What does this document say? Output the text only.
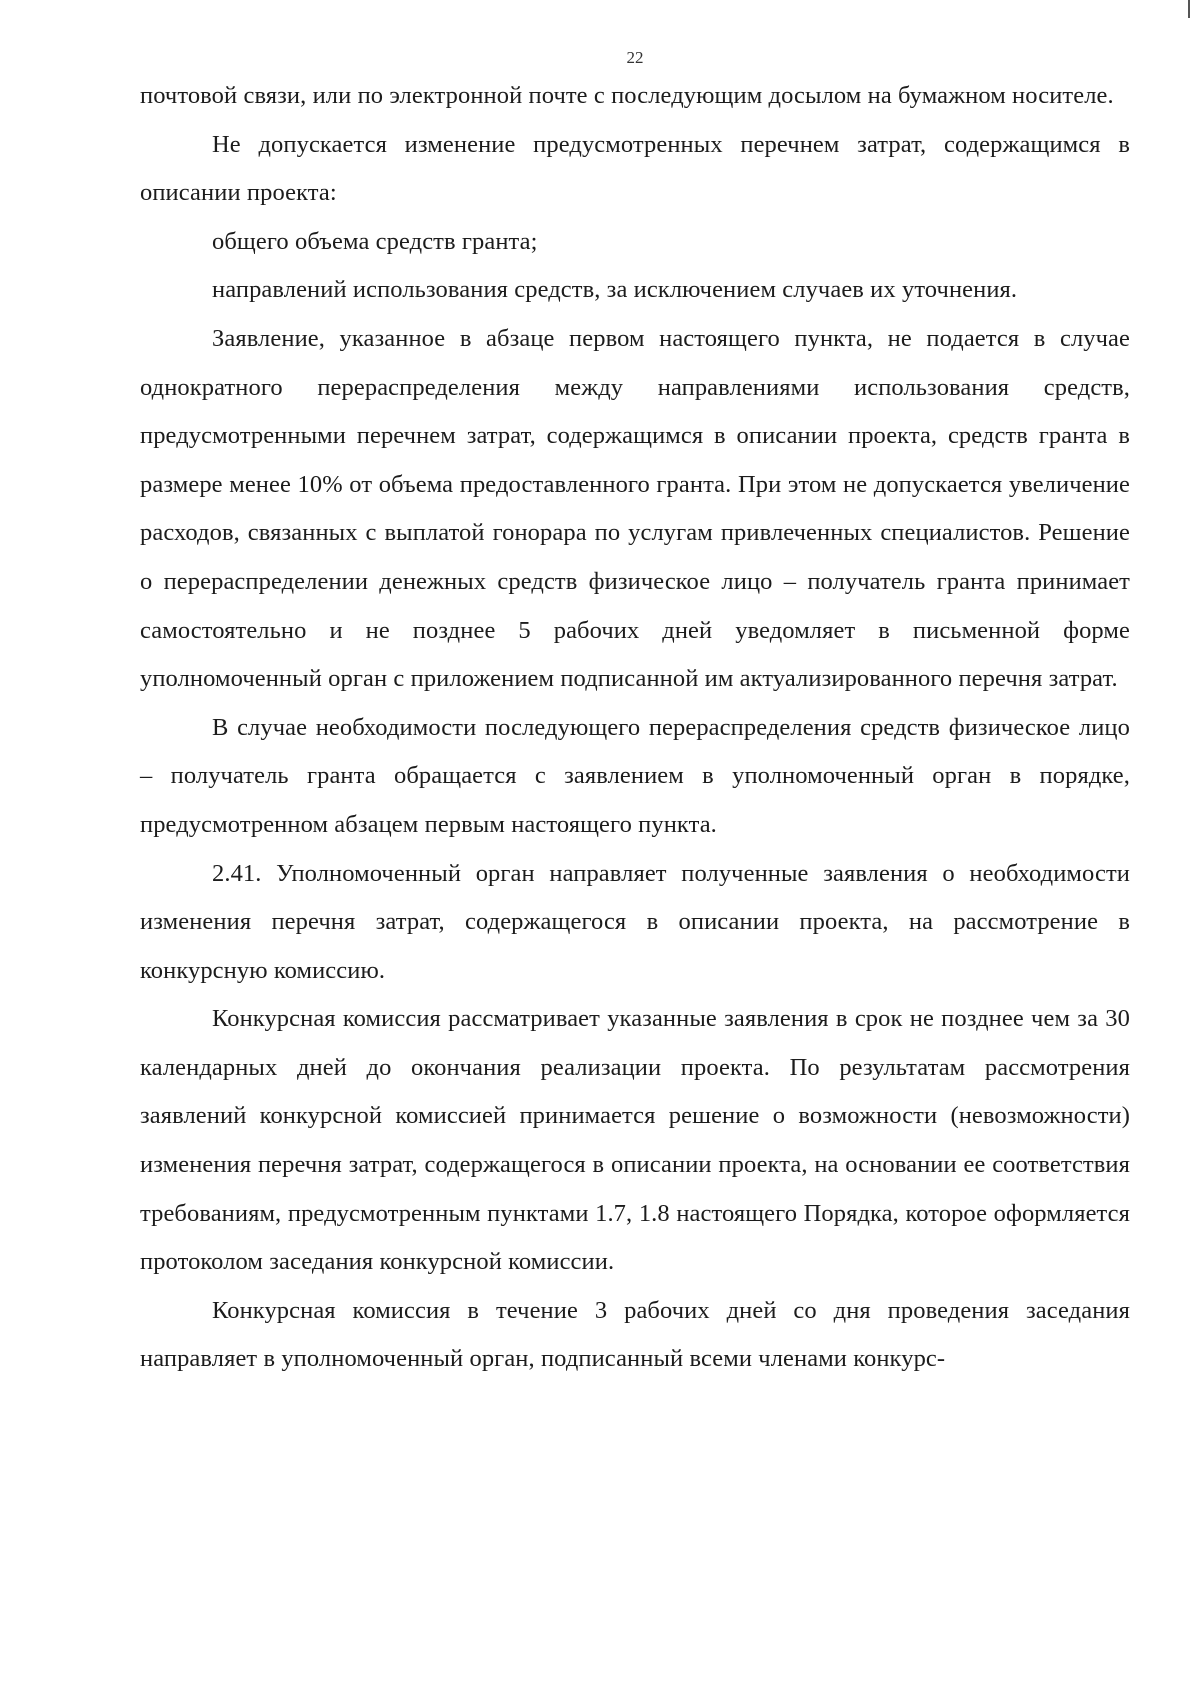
22

почтовой связи, или по электронной почте с последующим досылом на бумажном носителе.

Не допускается изменение предусмотренных перечнем затрат, содержащимся в описании проекта:

общего объема средств гранта;

направлений использования средств, за исключением случаев их уточнения.

Заявление, указанное в абзаце первом настоящего пункта, не подается в случае однократного перераспределения между направлениями использования средств, предусмотренными перечнем затрат, содержащимся в описании проекта, средств гранта в размере менее 10% от объема предоставленного гранта. При этом не допускается увеличение расходов, связанных с выплатой гонорара по услугам привлеченных специалистов. Решение о перераспределении денежных средств физическое лицо – получатель гранта принимает самостоятельно и не позднее 5 рабочих дней уведомляет в письменной форме уполномоченный орган с приложением подписанной им актуализированного перечня затрат.

В случае необходимости последующего перераспределения средств физическое лицо – получатель гранта обращается с заявлением в уполномоченный орган в порядке, предусмотренном абзацем первым настоящего пункта.

2.41. Уполномоченный орган направляет полученные заявления о необходимости изменения перечня затрат, содержащегося в описании проекта, на рассмотрение в конкурсную комиссию.

Конкурсная комиссия рассматривает указанные заявления в срок не позднее чем за 30 календарных дней до окончания реализации проекта. По результатам рассмотрения заявлений конкурсной комиссией принимается решение о возможности (невозможности) изменения перечня затрат, содержащегося в описании проекта, на основании ее соответствия требованиям, предусмотренным пунктами 1.7, 1.8 настоящего Порядка, которое оформляется протоколом заседания конкурсной комиссии.

Конкурсная комиссия в течение 3 рабочих дней со дня проведения заседания направляет в уполномоченный орган, подписанный всеми членами конкурс-
